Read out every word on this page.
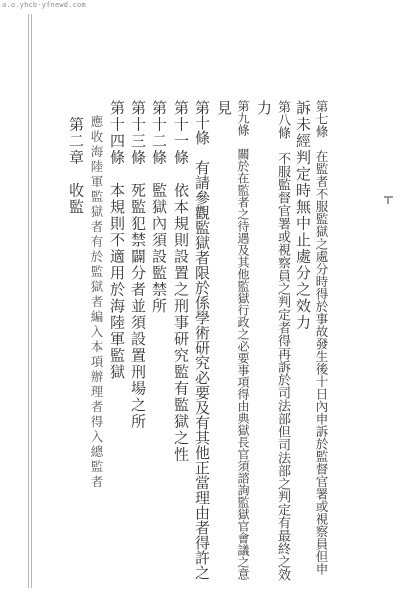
a.o.yhcb·yfnewd.com
第七條　在監者不服監獄之處分時得於事故發生後十日內申訴於監督官署或視察員但申
訴未經判定時無中止處分之效力
第八條　不服監督官署或視察員之判定者得再訴於司法部但司法部之判定有最終之效
力
第九條　關於在監者之待遇及其他監獄行政之必要事項得由典獄長官須諮詢監獄官會議之意
見
第十條　有請參觀監獄者限於係學術研究必要及有其他正當理由者得許之
第十一條　依本規則設置之刑事研究監有監獄之性
第十二條　監獄內須設監禁所
第十三條　死監犯禁闢分者並須設置刑場之所
第十四條　本規則不適用於海陸軍監獄
　應收海陸軍監獄者有於監獄者編入本項辦理者得入總監者
　第二章　收監
